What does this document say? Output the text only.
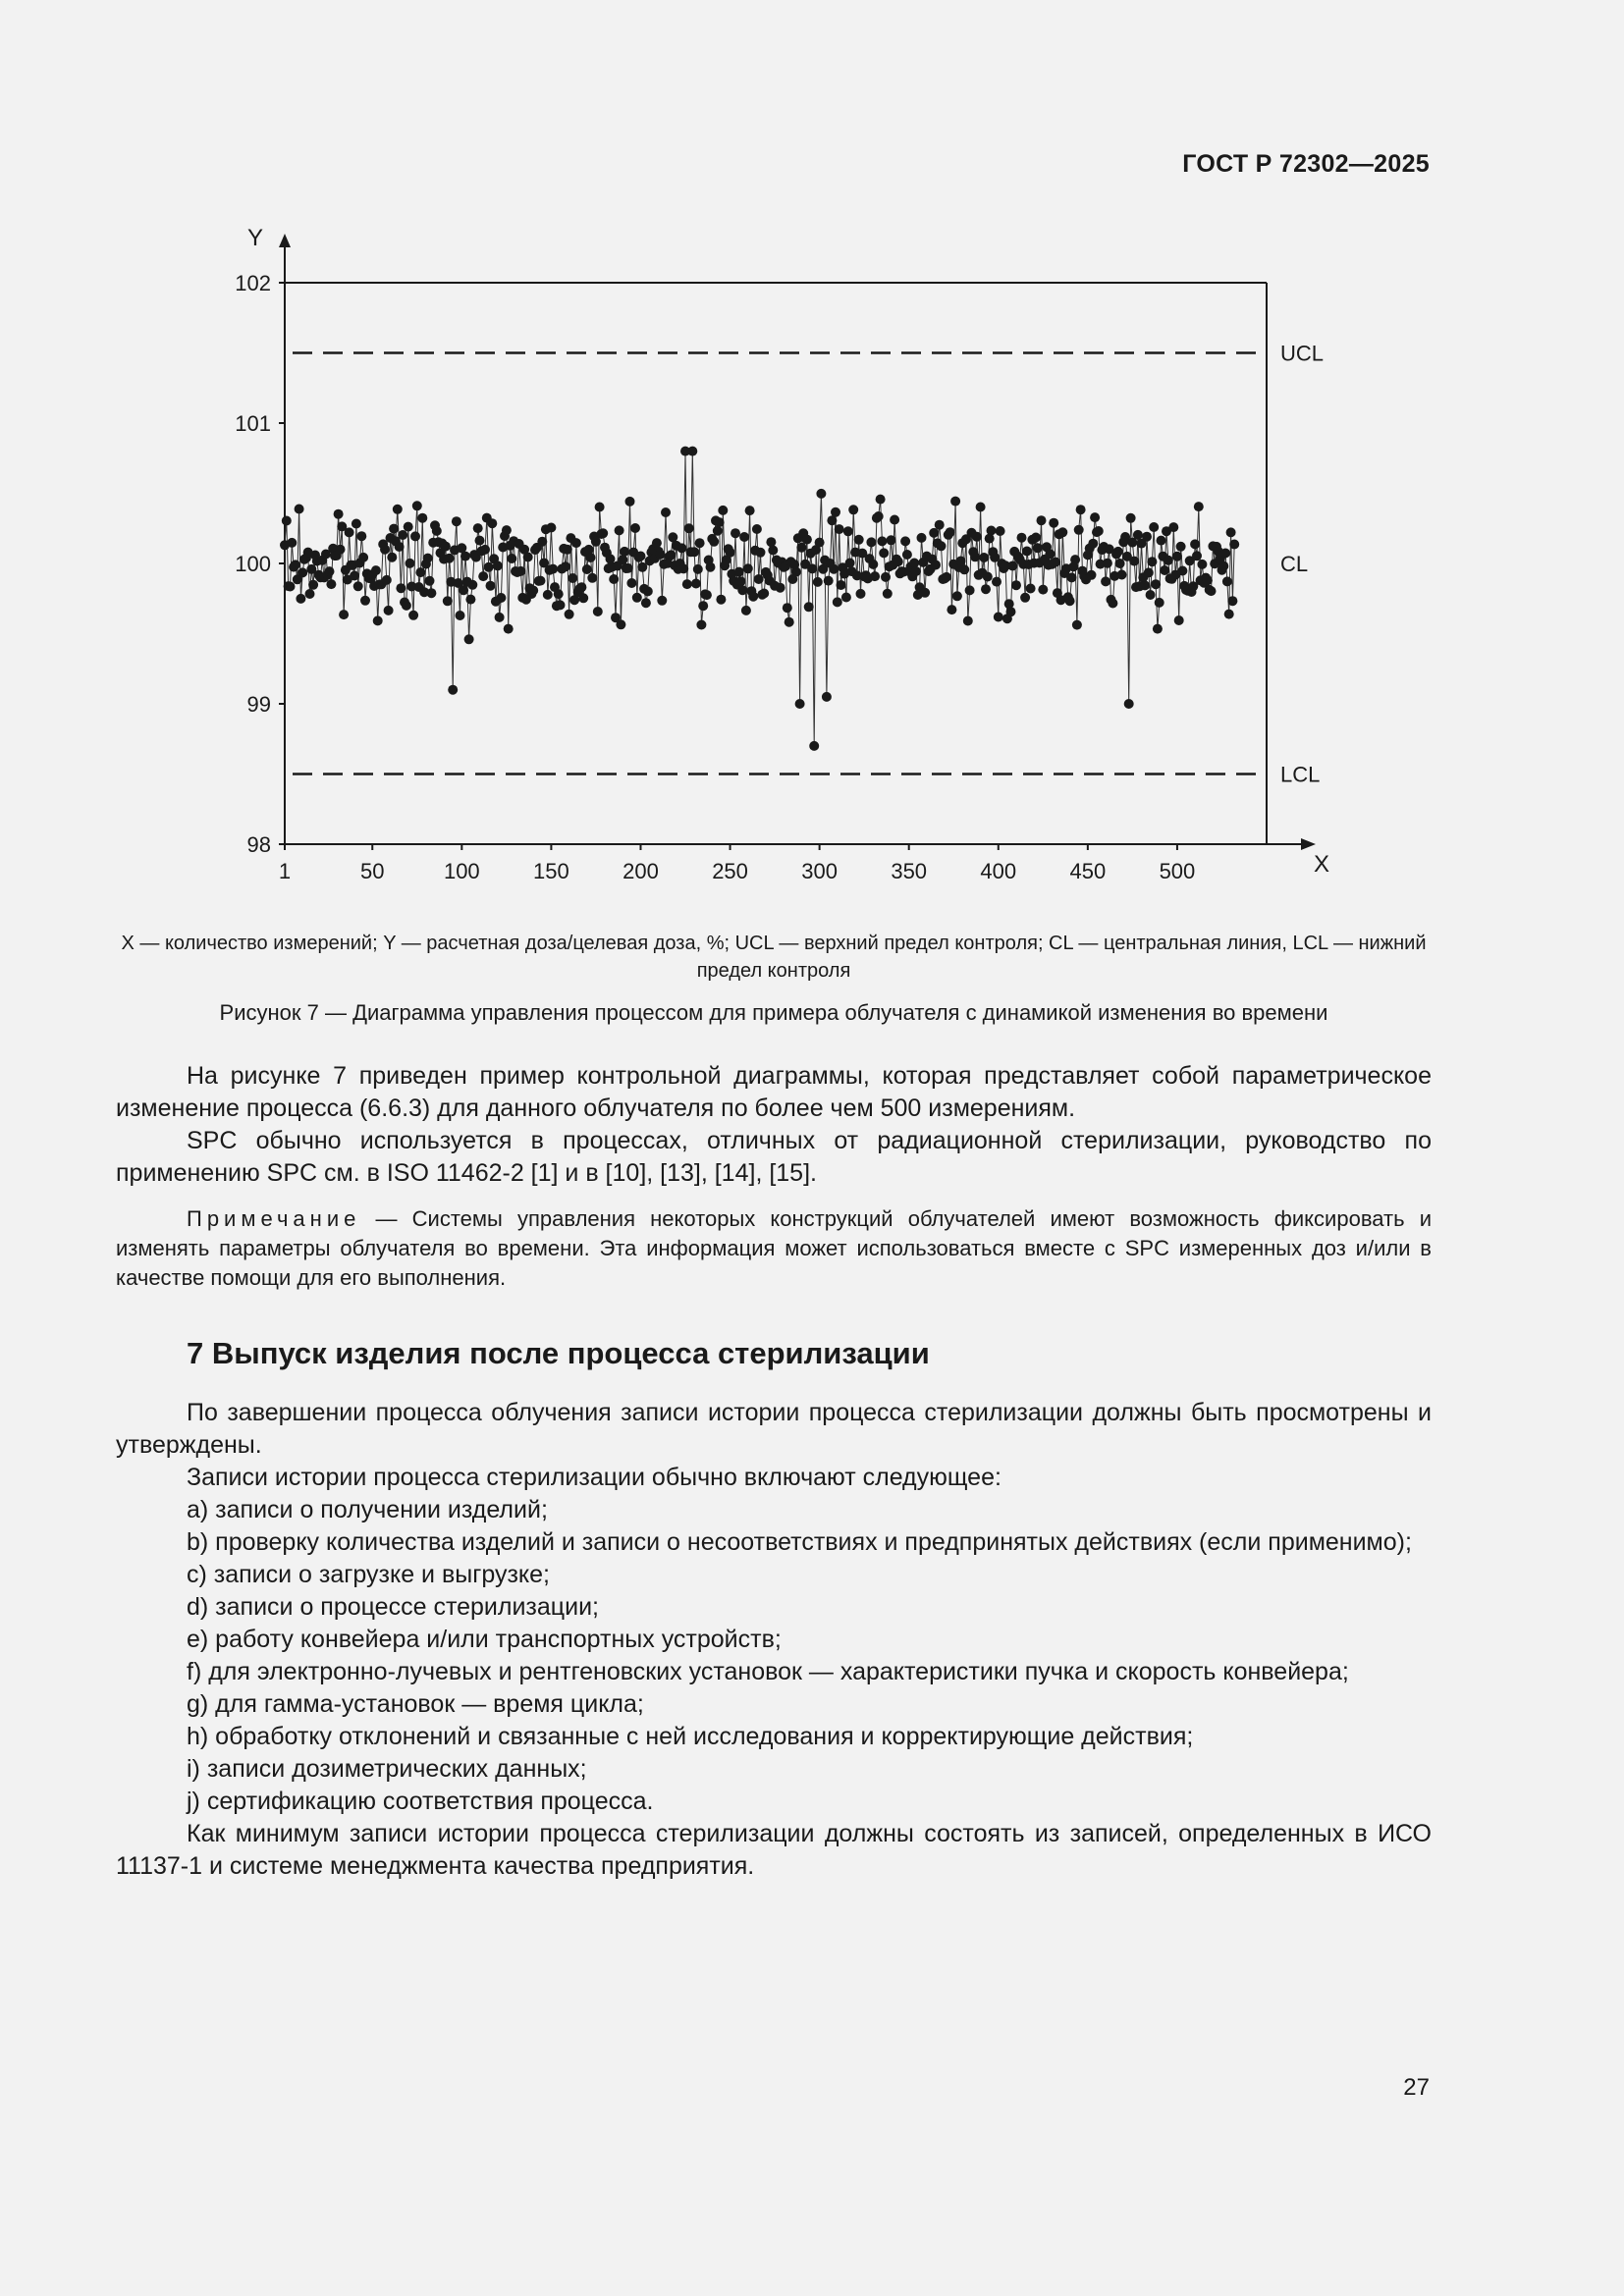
ГОСТ Р 72302—2025
Y
X
102
101
100
99
98
1	50	100 150 200 250 300 350 400 450 500
UCL
CL
LCL
X — количество измерений; Y — расчетная доза/целевая доза, %; UCL — верхний предел контроля; CL — центральная линия, LCL — нижний предел контроля
Рисунок 7 — Диаграмма управления процессом для примера облучателя с динамикой изменения во времени

На рисунке 7 приведен пример контрольной диаграммы, которая представляет собой параметрическое изменение процесса (6.6.3) для данного облучателя по более чем 500 измерениям.

SPC обычно используется в процессах, отличных от радиационной стерилизации, руководство по применению SPC см. в ISO 11462-2 [1] и в [10], [13], [14], [15].

Примечание — Системы управления некоторых конструкций облучателей имеют возможность фиксировать и изменять параметры облучателя во времени. Эта информация может использоваться вместе с SPC измеренных доз и/или в качестве помощи для его выполнения.
7 Выпуск изделия после процесса стерилизации

По завершении процесса облучения записи истории процесса стерилизации должны быть просмотрены и утверждены.

Записи истории процесса стерилизации обычно включают следующее:

а) записи о получении изделий;

b) проверку количества изделий и записи о несоответствиях и предпринятых действиях (если применимо);

c) записи о загрузке и выгрузке;

d) записи о процессе стерилизации;

e) работу конвейера и/или транспортных устройств;

f) для электронно-лучевых и рентгеновских установок — характеристики пучка и скорость конвейера;

g) для гамма-установок — время цикла;

h) обработку отклонений и связанные с ней исследования и корректирующие действия;

i) записи дозиметрических данных;

j) сертификацию соответствия процесса.

Как минимум записи истории процесса стерилизации должны состоять из записей, определенных в ИСО 11137-1 и системе менеджмента качества предприятия.

27
